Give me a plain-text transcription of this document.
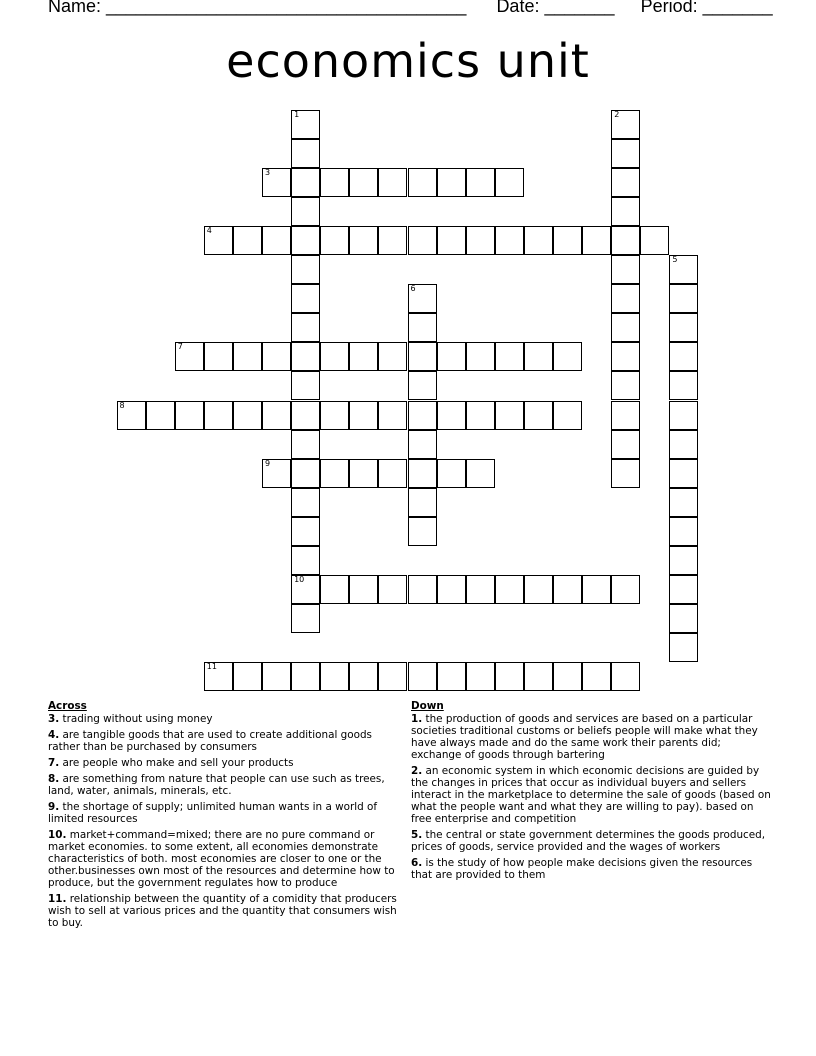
Name: ____________________________________ Date: _______ Period: _______
economics unit
1
10
2
3
4
5
6
7
8
9
11
Across
3. trading without using money
4. are tangible goods that are used to create additional goods rather than be purchased by consumers
7. are people who make and sell your products
8. are something from nature that people can use such as trees, land, water, animals, minerals, etc.
9. the shortage of supply; unlimited human wants in a world of limited resources
10. market+command=mixed; there are no pure command or market economies. to some extent, all economies demonstrate characteristics of both. most economies are closer to one or the other.businesses own most of the resources and determine how to produce, but the government regulates how to produce
11. relationship between the quantity of a comidity that producers wish to sell at various prices and the quantity that consumers wish to buy.
Down
1. the production of goods and services are based on a particular societies traditional customs or beliefs people will make what they have always made and do the same work their parents did; exchange of goods through bartering
2. an economic system in which economic decisions are guided by the changes in prices that occur as individual buyers and sellers interact in the marketplace to determine the sale of goods (based on what the people want and what they are willing to pay). based on free enterprise and competition
5. the central or state government determines the goods produced, prices of goods, service provided and the wages of workers
6. is the study of how people make decisions given the resources that are provided to them
